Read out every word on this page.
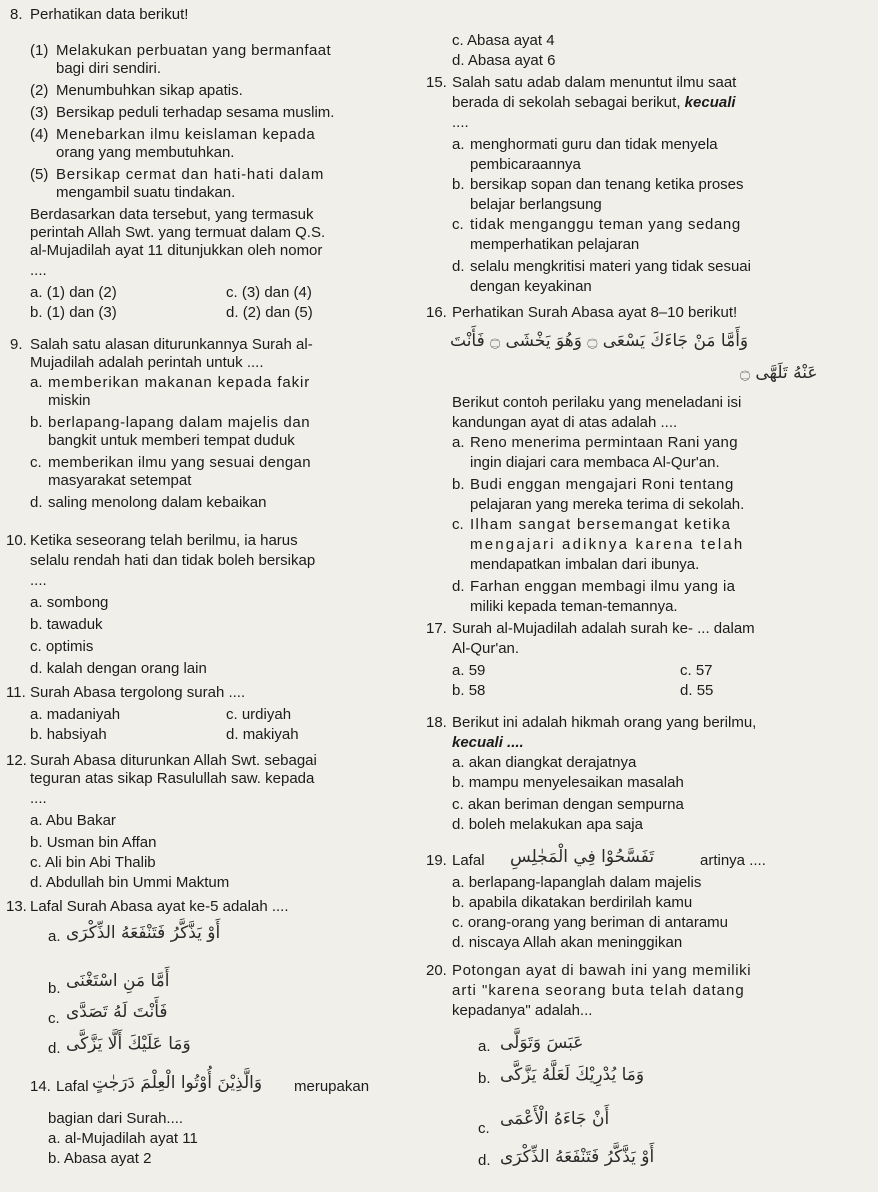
8. Perhatikan data berikut!
(1) Melakukan perbuatan yang bermanfaat
bagi diri sendiri.
(2) Menumbuhkan sikap apatis.
(3) Bersikap peduli terhadap sesama muslim.
(4) Menebarkan ilmu keislaman kepada
orang yang membutuhkan.
(5) Bersikap cermat dan hati-hati dalam
mengambil suatu tindakan.
Berdasarkan data tersebut, yang termasuk
perintah Allah Swt. yang termuat dalam Q.S.
al-Mujadilah ayat 11 ditunjukkan oleh nomor
....
a. (1) dan (2)	c. (3) dan (4)
b. (1) dan (3)	d. (2) dan (5)
9. Salah satu alasan diturunkannya Surah al-
Mujadilah adalah perintah untuk ....
a. memberikan makanan kepada fakir
miskin
b. berlapang-lapang dalam majelis dan
bangkit untuk memberi tempat duduk
c. memberikan ilmu yang sesuai dengan
masyarakat setempat
d. saling menolong dalam kebaikan
10. Ketika seseorang telah berilmu, ia harus
selalu rendah hati dan tidak boleh bersikap
....
a. sombong
b. tawaduk
c. optimis
d. kalah dengan orang lain
11. Surah Abasa tergolong surah ....
a. madaniyah	c. urdiyah
b. habsiyah	d. makiyah
12. Surah Abasa diturunkan Allah Swt. sebagai
teguran atas sikap Rasulullah saw. kepada
....
a. Abu Bakar
b. Usman bin Affan
c. Ali bin Abi Thalib
d. Abdullah bin Ummi Maktum
13. Lafal Surah Abasa ayat ke-5 adalah ....
a. أَوْ يَذَّكَّرُ فَتَنْفَعَهُ الذِّكْرَى
b. أَمَّا مَنِ اسْتَغْنَى
c. فَأَنْتَ لَهُ تَصَدَّى
d. وَمَا عَلَيْكَ أَلَّا يَزَّكَّى
14. Lafal وَالَّذِيْنَ أُوْتُوا الْعِلْمَ دَرَجٰتٍ merupakan
bagian dari Surah....
a. al-Mujadilah ayat 11
b. Abasa ayat 2
c. Abasa ayat 4
d. Abasa ayat 6
15. Salah satu adab dalam menuntut ilmu saat
berada di sekolah sebagai berikut, kecuali
....
a. menghormati guru dan tidak menyela
pembicaraannya
b. bersikap sopan dan tenang ketika proses
belajar berlangsung
c. tidak menganggu teman yang sedang
memperhatikan pelajaran
d. selalu mengkritisi materi yang tidak sesuai
dengan keyakinan
16. Perhatikan Surah Abasa ayat 8–10 berikut!
وَأَمَّا مَنْ جَاءَكَ يَسْعَى ۝ وَهُوَ يَخْشَى ۝ فَأَنْتَ
عَنْهُ تَلَهَّى ۝
Berikut contoh perilaku yang meneladani isi
kandungan ayat di atas adalah ....
a. Reno menerima permintaan Rani yang
ingin diajari cara membaca Al-Qur'an.
b. Budi enggan mengajari Roni tentang
pelajaran yang mereka terima di sekolah.
c. Ilham sangat bersemangat ketika
mengajari adiknya karena telah
mendapatkan imbalan dari ibunya.
d. Farhan enggan membagi ilmu yang ia
miliki kepada teman-temannya.
17. Surah al-Mujadilah adalah surah ke- ... dalam
Al-Qur'an.
a. 59	c. 57
b. 58	d. 55
18. Berikut ini adalah hikmah orang yang berilmu,
kecuali ....
a. akan diangkat derajatnya
b. mampu menyelesaikan masalah
c. akan beriman dengan sempurna
d. boleh melakukan apa saja
19. Lafal تَفَسَّحُوْا فِي الْمَجٰلِسِ	artinya ....
a. berlapang-lapanglah dalam majelis
b. apabila dikatakan berdirilah kamu
c. orang-orang yang beriman di antaramu
d. niscaya Allah akan meninggikan
20. Potongan ayat di bawah ini yang memiliki
arti "karena seorang buta telah datang
kepadanya" adalah...
a. عَبَسَ وَتَوَلَّى
b. وَمَا يُدْرِيْكَ لَعَلَّهُ يَزَّكَّى
c. أَنْ جَاءَهُ الْأَعْمَى
d. أَوْ يَذَّكَّرُ فَتَنْفَعَهُ الذِّكْرَى
